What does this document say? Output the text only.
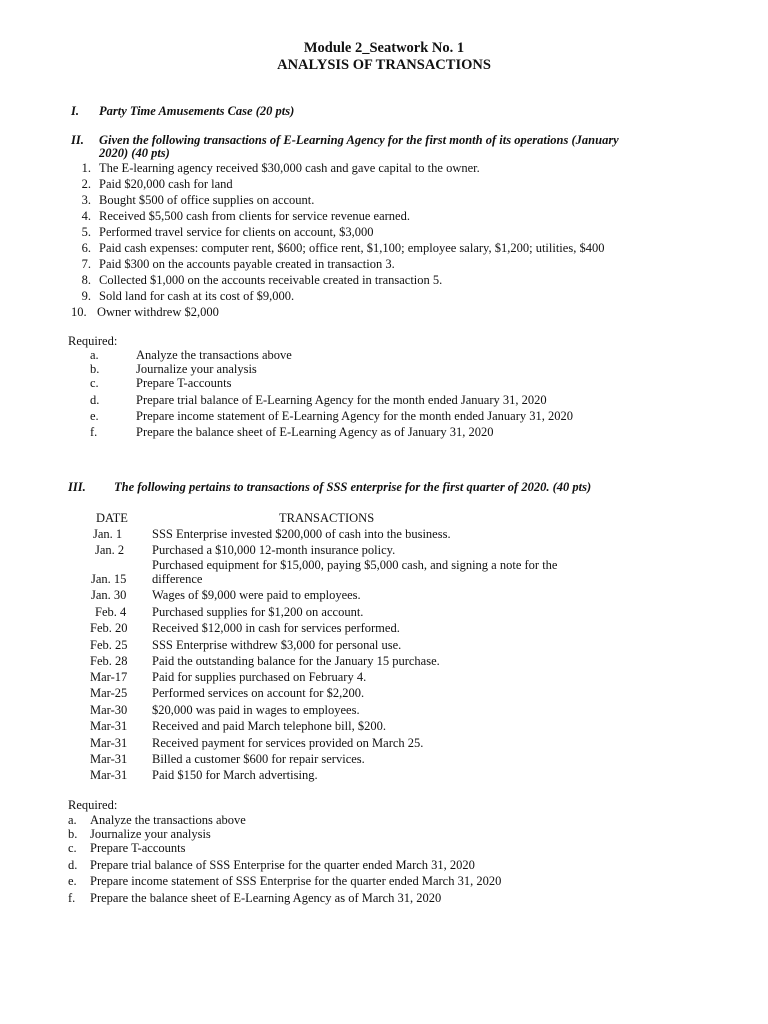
Module 2_Seatwork No. 1
ANALYSIS OF TRANSACTIONS
I. Party Time Amusements Case (20 pts)
II. Given the following transactions of E-Learning Agency for the first month of its operations (January
2020) (40 pts)
1. The E-learning agency received $30,000 cash and gave capital to the owner.
2. Paid $20,000 cash for land
3. Bought $500 of office supplies on account.
4. Received $5,500 cash from clients for service revenue earned.
5. Performed travel service for clients on account, $3,000
6. Paid cash expenses: computer rent, $600; office rent, $1,100; employee salary, $1,200; utilities, $400
7. Paid $300 on the accounts payable created in transaction 3.
8. Collected $1,000 on the accounts receivable created in transaction 5.
9. Sold land for cash at its cost of $9,000.
10. Owner withdrew $2,000
Required:
a.	Analyze the transactions above
b.	Journalize your analysis
c.	Prepare T-accounts
d.	Prepare trial balance of E-Learning Agency for the month ended January 31, 2020
e.	Prepare income statement of E-Learning Agency for the month ended January 31, 2020
f.	Prepare the balance sheet of E-Learning Agency as of January 31, 2020
III. The following pertains to transactions of SSS enterprise for the first quarter of 2020. (40 pts)
DATE	TRANSACTIONS
Jan. 1 SSS Enterprise invested $200,000 of cash into the business.
Jan. 2 Purchased a $10,000 12-month insurance policy.
Purchased equipment for $15,000, paying $5,000 cash, and signing a note for the
Jan. 15 difference
Jan. 30 Wages of $9,000 were paid to employees.
Feb. 4 Purchased supplies for $1,200 on account.
Feb. 20 Received $12,000 in cash for services performed.
Feb. 25 SSS Enterprise withdrew $3,000 for personal use.
Feb. 28 Paid the outstanding balance for the January 15 purchase.
Mar-17 Paid for supplies purchased on February 4.
Mar-25 Performed services on account for $2,200.
Mar-30 $20,000 was paid in wages to employees.
Mar-31 Received and paid March telephone bill, $200.
Mar-31 Received payment for services provided on March 25.
Mar-31 Billed a customer $600 for repair services.
Mar-31 Paid $150 for March advertising.
Required:
a. Analyze the transactions above
b. Journalize your analysis
c. Prepare T-accounts
d. Prepare trial balance of SSS Enterprise for the quarter ended March 31, 2020
e. Prepare income statement of SSS Enterprise for the quarter ended March 31, 2020
f. Prepare the balance sheet of E-Learning Agency as of March 31, 2020
